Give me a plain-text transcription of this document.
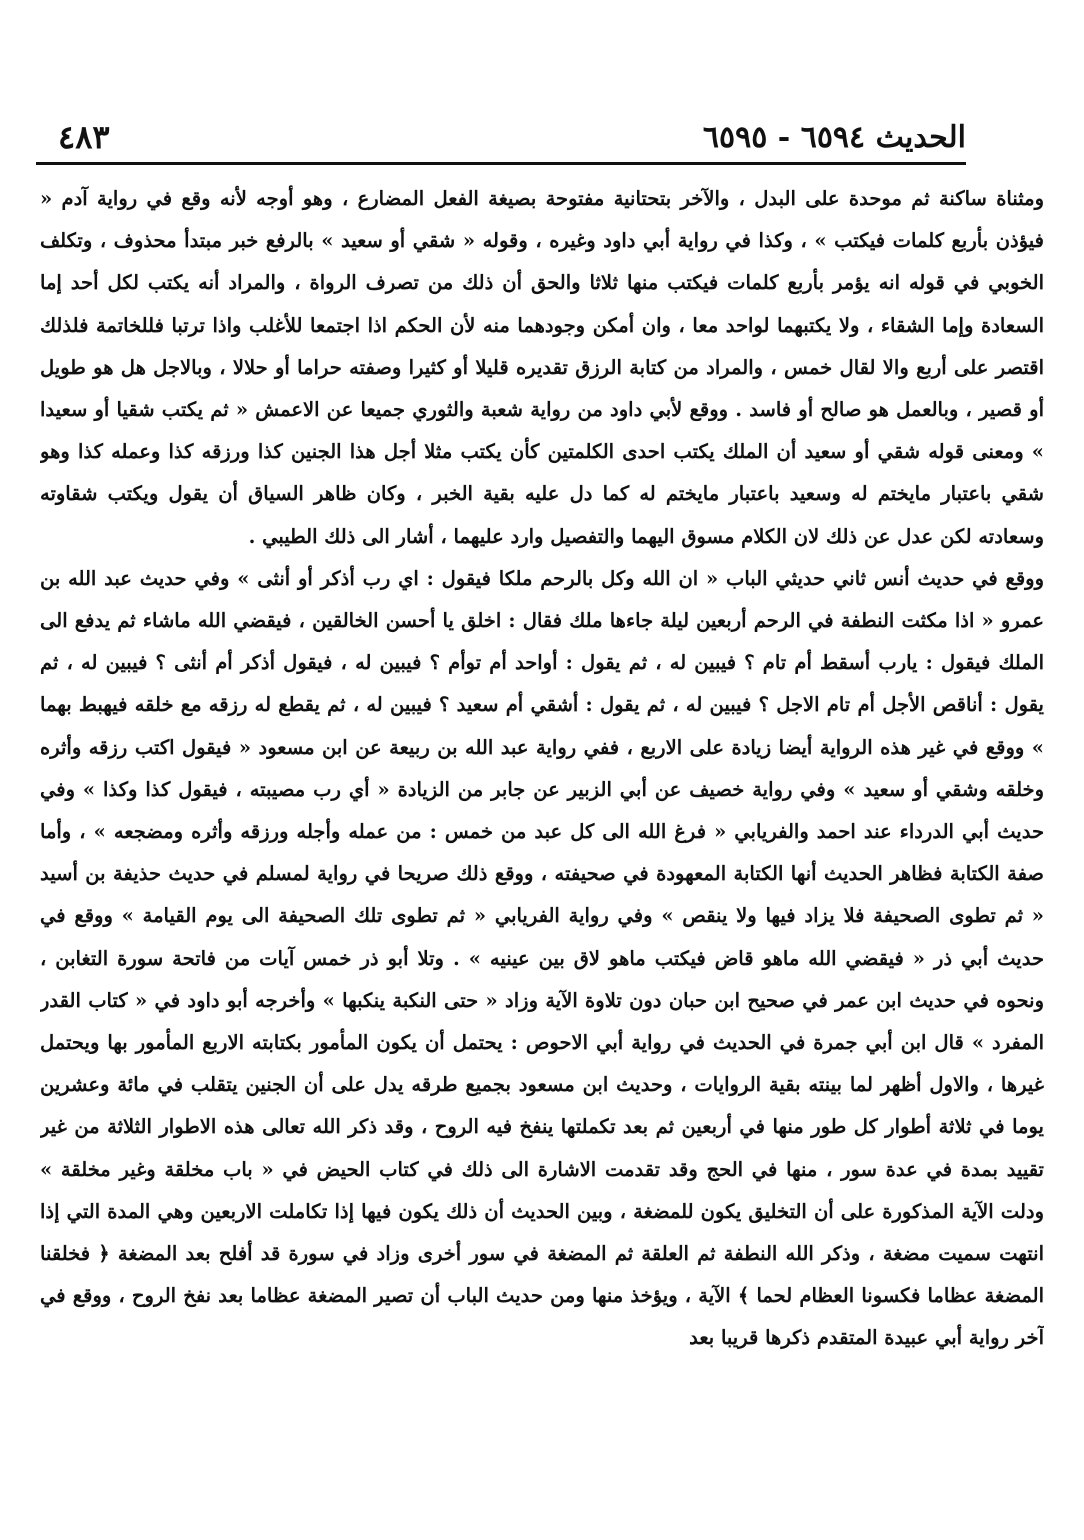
الحديث ٦٥٩٤ - ٦٥٩٥
٤٨٣

ومثناة ساكنة ثم موحدة على البدل ، والآخر بتحتانية مفتوحة بصيغة الفعل المضارع ، وهو أوجه لأنه وقع في رواية آدم « فيؤذن بأربع كلمات فيكتب » ، وكذا في رواية أبي داود وغيره ، وقوله « شقي أو سعيد » بالرفع خبر مبتدأ محذوف ، وتكلف الخوبي في قوله انه يؤمر بأربع كلمات فيكتب منها ثلاثا والحق أن ذلك من تصرف الرواة ، والمراد أنه يكتب لكل أحد إما السعادة وإما الشقاء ، ولا يكتبهما لواحد معا ، وان أمكن وجودهما منه لأن الحكم اذا اجتمعا للأغلب واذا ترتبا فللخاتمة فلذلك اقتصر على أربع والا لقال خمس ، والمراد من كتابة الرزق تقديره قليلا أو كثيرا وصفته حراما أو حلالا ، وبالاجل هل هو طويل أو قصير ، وبالعمل هو صالح أو فاسد . ووقع لأبي داود من رواية شعبة والثوري جميعا عن الاعمش « ثم يكتب شقيا أو سعيدا » ومعنى قوله شقي أو سعيد أن الملك يكتب احدى الكلمتين كأن يكتب مثلا أجل هذا الجنين كذا ورزقه كذا وعمله كذا وهو شقي باعتبار مايختم له وسعيد باعتبار مايختم له كما دل عليه بقية الخبر ، وكان ظاهر السياق أن يقول ويكتب شقاوته وسعادته لكن عدل عن ذلك لان الكلام مسوق اليهما والتفصيل وارد عليهما ، أشار الى ذلك الطيبي .

ووقع في حديث أنس ثاني حديثي الباب « ان الله وكل بالرحم ملكا فيقول : اي رب أذكر أو أنثى » وفي حديث عبد الله بن عمرو « اذا مكثت النطفة في الرحم أربعين ليلة جاءها ملك فقال : اخلق يا أحسن الخالقين ، فيقضي الله ماشاء ثم يدفع الى الملك فيقول : يارب أسقط أم تام ؟ فيبين له ، ثم يقول : أواحد أم توأم ؟ فيبين له ، فيقول أذكر أم أنثى ؟ فيبين له ، ثم يقول : أناقص الأجل أم تام الاجل ؟ فيبين له ، ثم يقول : أشقي أم سعيد ؟ فيبين له ، ثم يقطع له رزقه مع خلقه فيهبط بهما » ووقع في غير هذه الرواية أيضا زيادة على الاربع ، ففي رواية عبد الله بن ربيعة عن ابن مسعود « فيقول اكتب رزقه وأثره وخلقه وشقي أو سعيد » وفي رواية خصيف عن أبي الزبير عن جابر من الزيادة « أي رب مصيبته ، فيقول كذا وكذا » وفي حديث أبي الدرداء عند احمد والفريابي « فرغ الله الى كل عبد من خمس : من عمله وأجله ورزقه وأثره ومضجعه » ، وأما صفة الكتابة فظاهر الحديث أنها الكتابة المعهودة في صحيفته ، ووقع ذلك صريحا في رواية لمسلم في حديث حذيفة بن أسيد « ثم تطوى الصحيفة فلا يزاد فيها ولا ينقص » وفي رواية الفريابي « ثم تطوى تلك الصحيفة الى يوم القيامة » ووقع في حديث أبي ذر « فيقضي الله ماهو قاض فيكتب ماهو لاق بين عينيه » . وتلا أبو ذر خمس آيات من فاتحة سورة التغابن ، ونحوه في حديث ابن عمر في صحيح ابن حبان دون تلاوة الآية وزاد « حتى النكبة ينكبها » وأخرجه أبو داود في « كتاب القدر المفرد » قال ابن أبي جمرة في الحديث في رواية أبي الاحوص : يحتمل أن يكون المأمور بكتابته الاربع المأمور بها ويحتمل غيرها ، والاول أظهر لما بينته بقية الروايات ، وحديث ابن مسعود بجميع طرقه يدل على أن الجنين يتقلب في مائة وعشرين يوما في ثلاثة أطوار كل طور منها في أربعين ثم بعد تكملتها ينفخ فيه الروح ، وقد ذكر الله تعالى هذه الاطوار الثلاثة من غير تقييد بمدة في عدة سور ، منها في الحج وقد تقدمت الاشارة الى ذلك في كتاب الحيض في « باب مخلقة وغير مخلقة » ودلت الآية المذكورة على أن التخليق يكون للمضغة ، وبين الحديث أن ذلك يكون فيها إذا تكاملت الاربعين وهي المدة التي إذا انتهت سميت مضغة ، وذكر الله النطفة ثم العلقة ثم المضغة في سور أخرى وزاد في سورة قد أفلح بعد المضغة ﴿ فخلقنا المضغة عظاما فكسونا العظام لحما ﴾ الآية ، ويؤخذ منها ومن حديث الباب أن تصير المضغة عظاما بعد نفخ الروح ، ووقع في آخر رواية أبي عبيدة المتقدم ذكرها قريبا بعد
